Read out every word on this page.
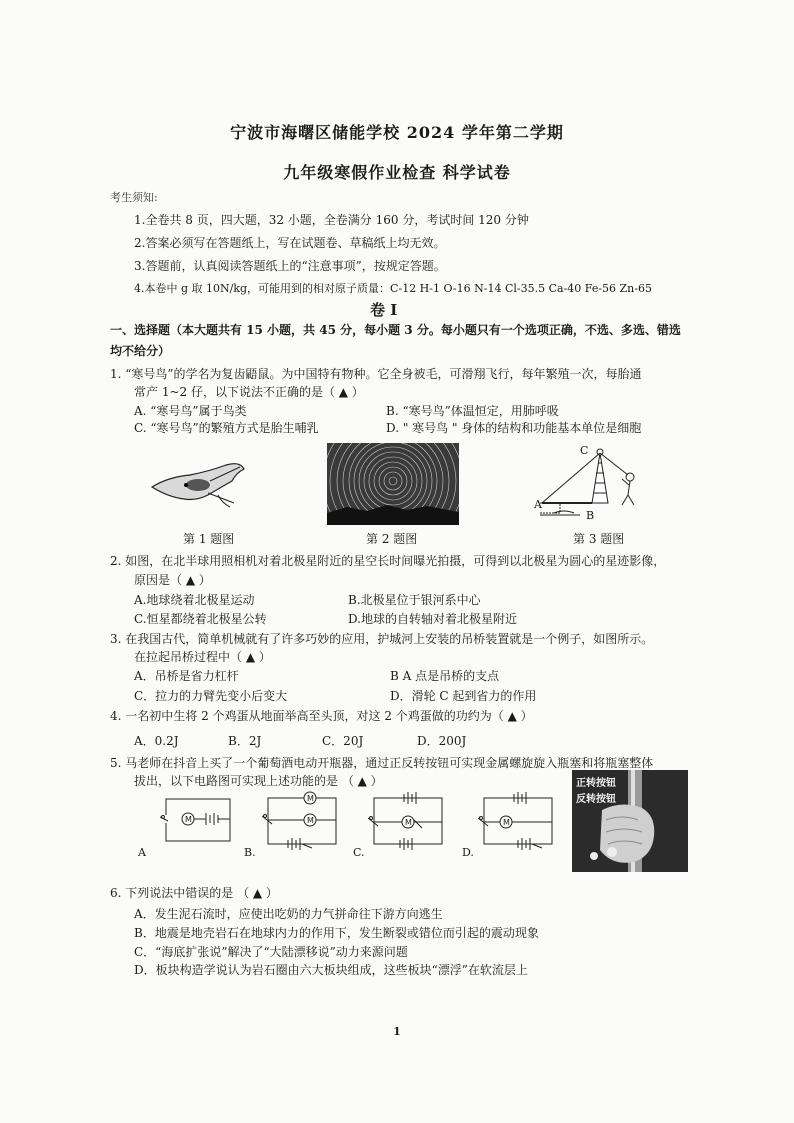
宁波市海曙区储能学校 2024 学年第二学期
九年级寒假作业检查 科学试卷
考生须知:
1.全卷共 8 页，四大题，32 小题，全卷满分 160 分，考试时间 120 分钟
2.答案必须写在答题纸上，写在试题卷、草稿纸上均无效。
3.答题前，认真阅读答题纸上的“注意事项”，按规定答题。
4.本卷中 g 取 10N/kg，可能用到的相对原子质量：C-12 H-1 O-16 N-14 Cl-35.5 Ca-40 Fe-56 Zn-65
卷 Ⅰ
一、选择题（本大题共有 15 小题，共 45 分，每小题 3 分。每小题只有一个选项正确，不选、多选、错选
均不给分）
1. “寒号鸟”的学名为复齿鼯鼠。为中国特有物种。它全身被毛，可滑翔飞行，每年繁殖一次，每胎通
常产 1~2 仔，以下说法不正确的是（ ▲ ）
A. “寒号鸟”属于鸟类	B. “寒号鸟”体温恒定，用肺呼吸
C. “寒号鸟”的繁殖方式是胎生哺乳	D. " 寒号鸟 " 身体的结构和功能基本单位是细胞
第 1 题图	第 2 题图
C
A
B
第 3 题图
2. 如图，在北半球用照相机对着北极星附近的星空长时间曝光拍摄，可得到以北极星为圆心的星迹影像，
原因是（ ▲ ）
A.地球绕着北极星运动	B.北极星位于银河系中心
C.恒星都绕着北极星公转	D.地球的自转轴对着北极星附近
3. 在我国古代，简单机械就有了许多巧妙的应用，护城河上安装的吊桥装置就是一个例子，如图所示。
在拉起吊桥过程中（ ▲ ）
A．吊桥是省力杠杆	B A 点是吊桥的支点
C．拉力的力臂先变小后变大	D．滑轮 C 起到省力的作用
4. 一名初中生将 2 个鸡蛋从地面举高至头顶，对这 2 个鸡蛋做的功约为（ ▲ ）
A．0.2J	B．2J	C．20J	D．200J
5. 马老师在抖音上买了一个葡萄酒电动开瓶器，通过正反转按钮可实现金属螺旋旋入瓶塞和将瓶塞整体
拔出，以下电路图可实现上述功能的是 （ ▲ ）
M
A
M
M
B.
M
C.
M
D.
正转按钮
反转按钮
6. 下列说法中错误的是 （ ▲ ）
A．发生泥石流时，应使出吃奶的力气拼命往下游方向逃生
B．地震是地壳岩石在地球内力的作用下，发生断裂或错位而引起的震动现象
C．“海底扩张说”解决了“大陆漂移说”动力来源问题
D．板块构造学说认为岩石圈由六大板块组成，这些板块“漂浮”在软流层上
1
